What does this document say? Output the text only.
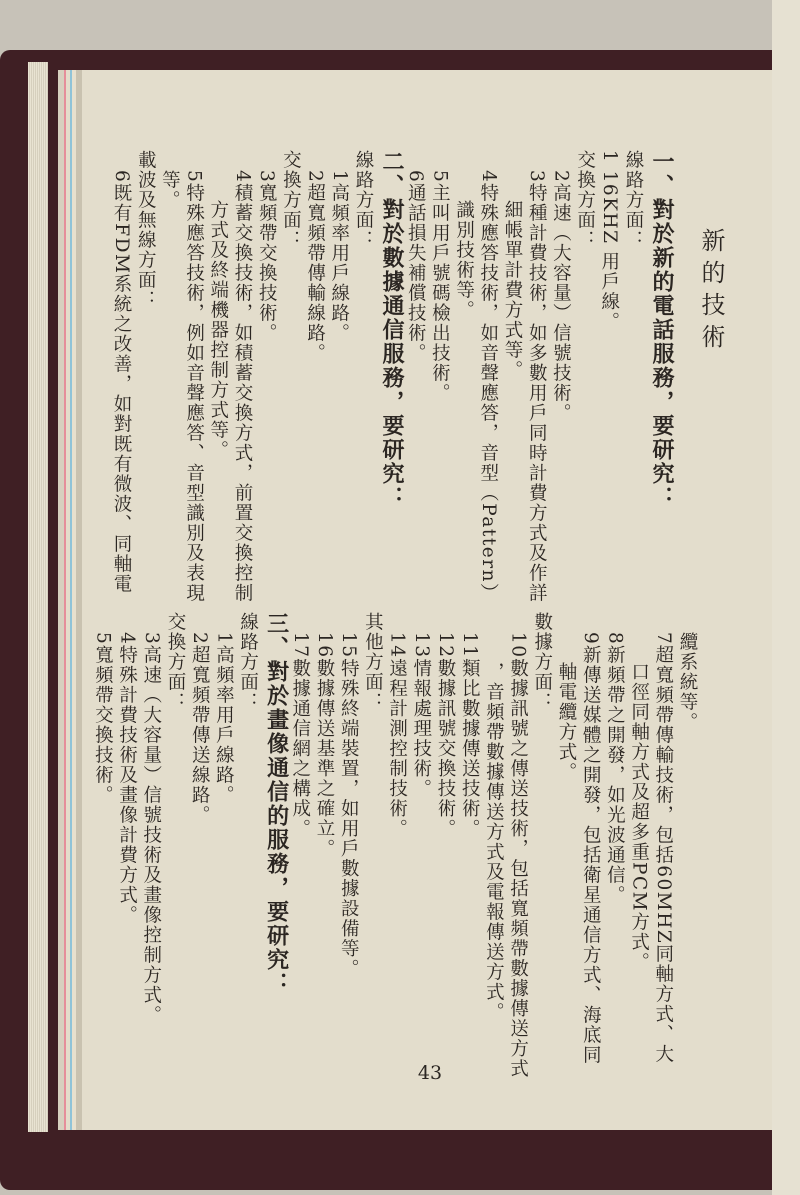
新的技術
一、對於新的電話服務，要研究：
線路方面：
1 16KHZ 用戶線。
交換方面：
2高速（大容量）信號技術。
3特種計費技術，如多數用戶同時計費方式及作詳
細帳單計費方式等。
4特殊應答技術，如音聲應答，音型（Pattern）
識別技術等。
5主叫用戶號碼檢出技術。
6通話損失補償技術。
二、對於數據通信服務，要研究：
線路方面：
1高頻率用戶線路。
2超寬頻帶傳輸線路。
交換方面：
3寬頻帶交換技術。
4積蓄交換技術，如積蓄交換方式，前置交換控制
方式及終端機器控制方式等。
5特殊應答技術，例如音聲應答、音型識別及表現
等。
載波及無線方面：
6既有FDM系統之改善，如對既有微波、同軸電
纜系統等。
7超寬頻帶傳輸技術，包括60MHZ同軸方式、大
口徑同軸方式及超多重PCM方式。
8新頻帶之開發，如光波通信。
9新傳送媒體之開發，包括衛星通信方式、海底同
軸電纜方式。
數據方面：
10數據訊號之傳送技術，包括寬頻帶數據傳送方式
，音頻帶數據傳送方式及電報傳送方式。
11類比數據傳送技術。
12數據訊號交換技術。
13情報處理技術。
14遠程計測控制技術。
其他方面：
15特殊終端裝置，如用戶數據設備等。
16數據傳送基準之確立。
17數據通信網之構成。
三、對於畫像通信的服務，要研究：
線路方面：
1高頻率用戶線路。
2超寬頻帶傳送線路。
交換方面：
3高速（大容量）信號技術及畫像控制方式。
4特殊計費技術及畫像計費方式。
5寬頻帶交換技術。
43
